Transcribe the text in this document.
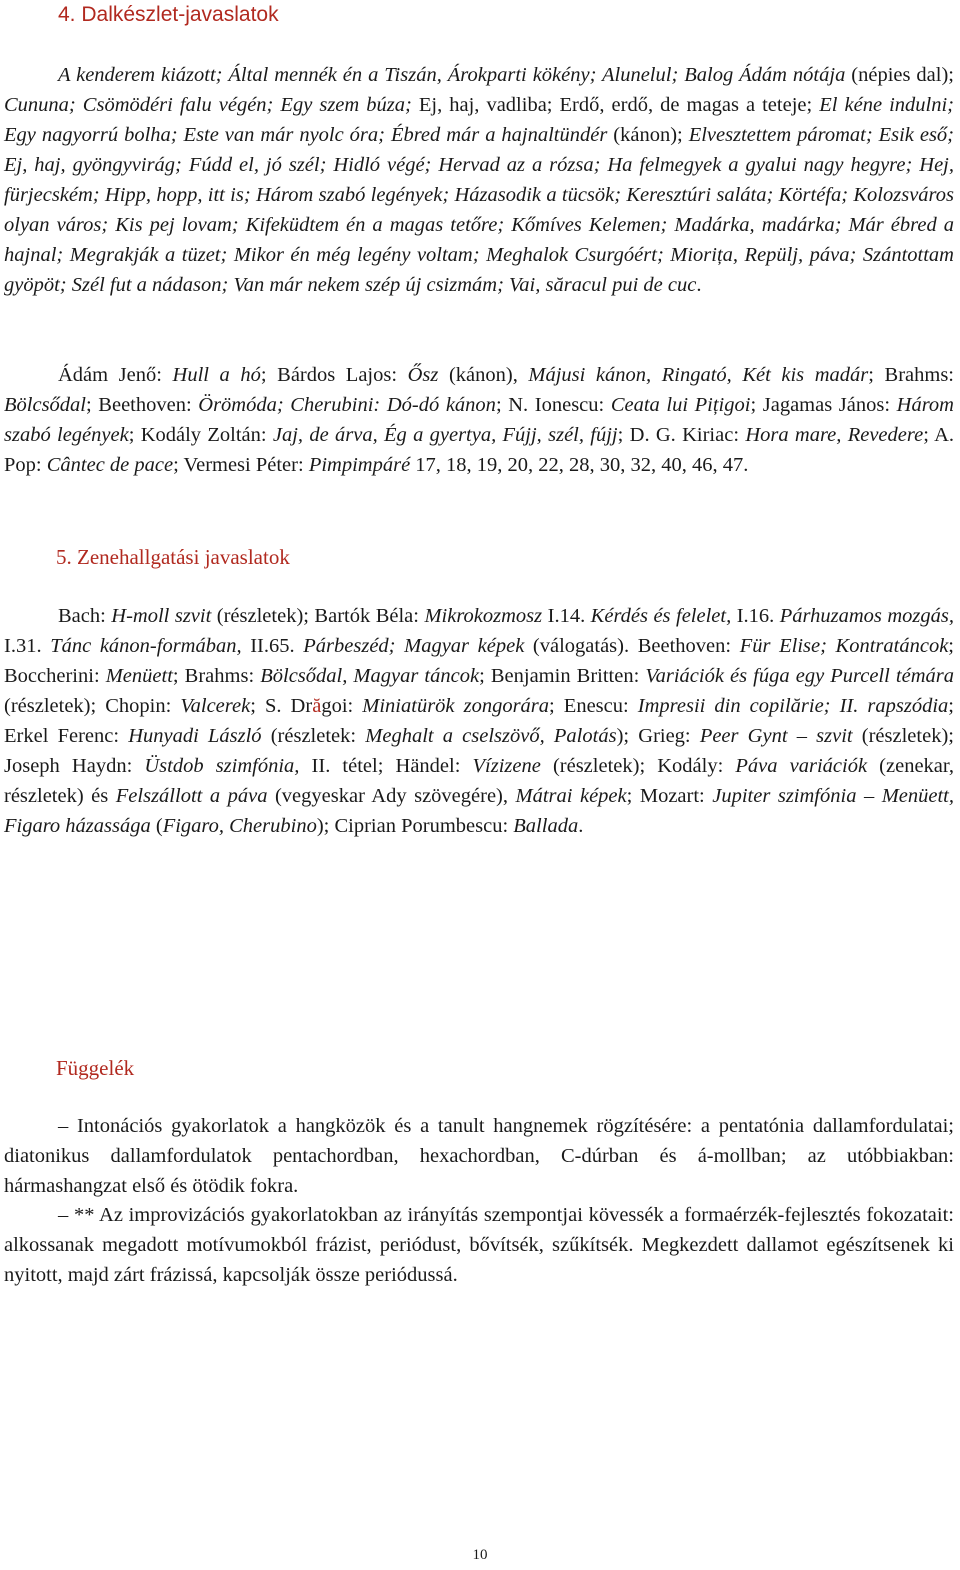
4. Dalkészlet-javaslatok

A kenderem kiázott; Által mennék én a Tiszán, Árokparti kökény; Alunelul; Balog Ádám nótája (népies dal); Cununa; Csömödéri falu végén; Egy szem búza; Ej, haj, vadliba; Erdő, erdő, de magas a teteje; El kéne indulni; Egy nagyorrú bolha; Este van már nyolc óra; Ébred már a hajnaltündér (kánon); Elvesztettem páromat; Esik eső; Ej, haj, gyöngyvirág; Fúdd el, jó szél; Hidló végé; Hervad az a rózsa; Ha felmegyek a gyalui nagy hegyre; Hej, fürjecském; Hipp, hopp, itt is; Három szabó legények; Házasodik a tücsök; Keresztúri saláta; Körtéfa; Kolozsváros olyan város; Kis pej lovam; Kifeküdtem én a magas tetőre; Kőmíves Kelemen; Madárka, madárka; Már ébred a hajnal; Megrakják a tüzet; Mikor én még legény voltam; Meghalok Csurgóért; Miorița, Repülj, páva; Szántottam gyöpöt; Szél fut a nádason; Van már nekem szép új csizmám; Vai, săracul pui de cuc.

Ádám Jenő: Hull a hó; Bárdos Lajos: Ősz (kánon), Májusi kánon, Ringató, Két kis madár; Brahms: Bölcsődal; Beethoven: Örömóda; Cherubini: Dó-dó kánon; N. Ionescu: Ceata lui Pițigoi; Jagamas János: Három szabó legények; Kodály Zoltán: Jaj, de árva, Ég a gyertya, Fújj, szél, fújj; D. G. Kiriac: Hora mare, Revedere; A. Pop: Cântec de pace; Vermesi Péter: Pimpimpáré 17, 18, 19, 20, 22, 28, 30, 32, 40, 46, 47.

5. Zenehallgatási javaslatok

Bach: H-moll szvit (részletek); Bartók Béla: Mikrokozmosz I.14. Kérdés és felelet, I.16. Párhuzamos mozgás, I.31. Tánc kánon-formában, II.65. Párbeszéd; Magyar képek (válogatás). Beethoven: Für Elise; Kontratáncok; Boccherini: Menüett; Brahms: Bölcsődal, Magyar táncok; Benjamin Britten: Variációk és fúga egy Purcell témára (részletek); Chopin: Valcerek; S. Drăgoi: Miniatürök zongorára; Enescu: Impresii din copilărie; II. rapszódia; Erkel Ferenc: Hunyadi László (részletek: Meghalt a cselszövő, Palotás); Grieg: Peer Gynt – szvit (részletek); Joseph Haydn: Üstdob szimfónia, II. tétel; Händel: Vízizene (részletek); Kodály: Páva variációk (zenekar, részletek) és Felszállott a páva (vegyeskar Ady szövegére), Mátrai képek; Mozart: Jupiter szimfónia – Menüett, Figaro házassága (Figaro, Cherubino); Ciprian Porumbescu: Ballada.

Függelék

– Intonációs gyakorlatok a hangközök és a tanult hangnemek rögzítésére: a pentatónia dallamfordulatai; diatonikus dallamfordulatok pentachordban, hexachordban, C-dúrban és á-mollban; az utóbbiakban: hármashangzat első és ötödik fokra.

– ** Az improvizációs gyakorlatokban az irányítás szempontjai kövessék a formaérzék-fejlesztés fokozatait: alkossanak megadott motívumokból frázist, periódust, bővítsék, szűkítsék. Megkezdett dallamot egészítsenek ki nyitott, majd zárt frázissá, kapcsolják össze periódussá.

10
